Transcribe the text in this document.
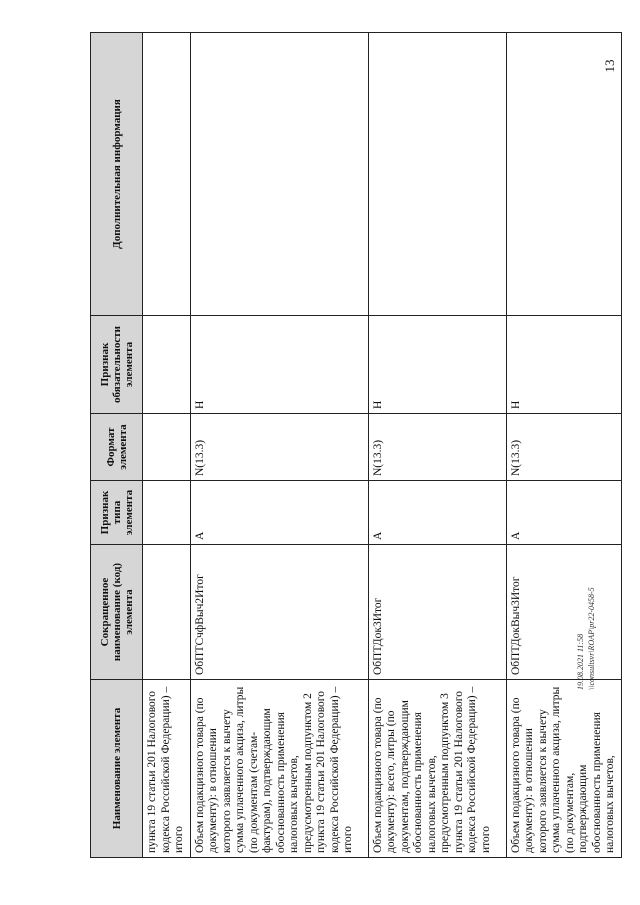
13
19.08.2021 11:58 \\consultsvr\ROAP\pr22-0458-5
Наименование элемента	Сокращенное наименование (код) элемента	Признак типа элемента	Формат элемента	Признак обязательности элемента	Дополнительная информация
пункта 19 статьи 201 Налогового кодекса Российской Федерации) – итого					
Объем подакцизного товара (по документу): в отношении которого заявляется к вычету сумма уплаченного акциза, литры (по документам (счетам-фактурам), подтверждающим обоснованность применения налоговых вычетов, предусмотренным подпунктом 2 пункта 19 статьи 201 Налогового кодекса Российской Федерации) – итого	ОбПТСчфВыч2Итог	А	N(13.3)	Н	
Объем подакцизного товара (по документу): всего, литры (по документам, подтверждающим обоснованность применения налоговых вычетов, предусмотренным подпунктом 3 пункта 19 статьи 201 Налогового кодекса Российской Федерации) – итого	ОбПТДок3Итог	А	N(13.3)	Н	
Объем подакцизного товара (по документу): в отношении которого заявляется к вычету сумма уплаченного акциза, литры (по документам, подтверждающим обоснованность применения налоговых вычетов,	ОбПТДокВыч3Итог	А	N(13.3)	Н	
